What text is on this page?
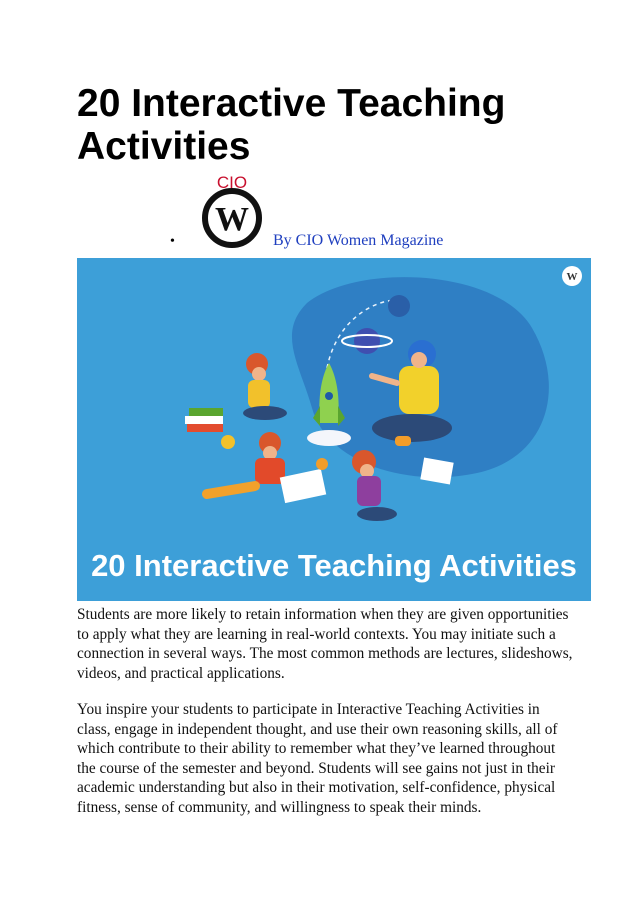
20 Interactive Teaching Activities
•
CIO
W
By CIO Women Magazine
W
20 Interactive Teaching Activities

Students are more likely to retain information when they are given opportunities to apply what they are learning in real-world contexts. You may initiate such a connection in several ways. The most common methods are lectures, slideshows, videos, and practical applications.

You inspire your students to participate in Interactive Teaching Activities in class, engage in independent thought, and use their own reasoning skills, all of which contribute to their ability to remember what they’ve learned throughout the course of the semester and beyond. Students will see gains not just in their academic understanding but also in their motivation, self-confidence, physical fitness, sense of community, and willingness to speak their minds.
